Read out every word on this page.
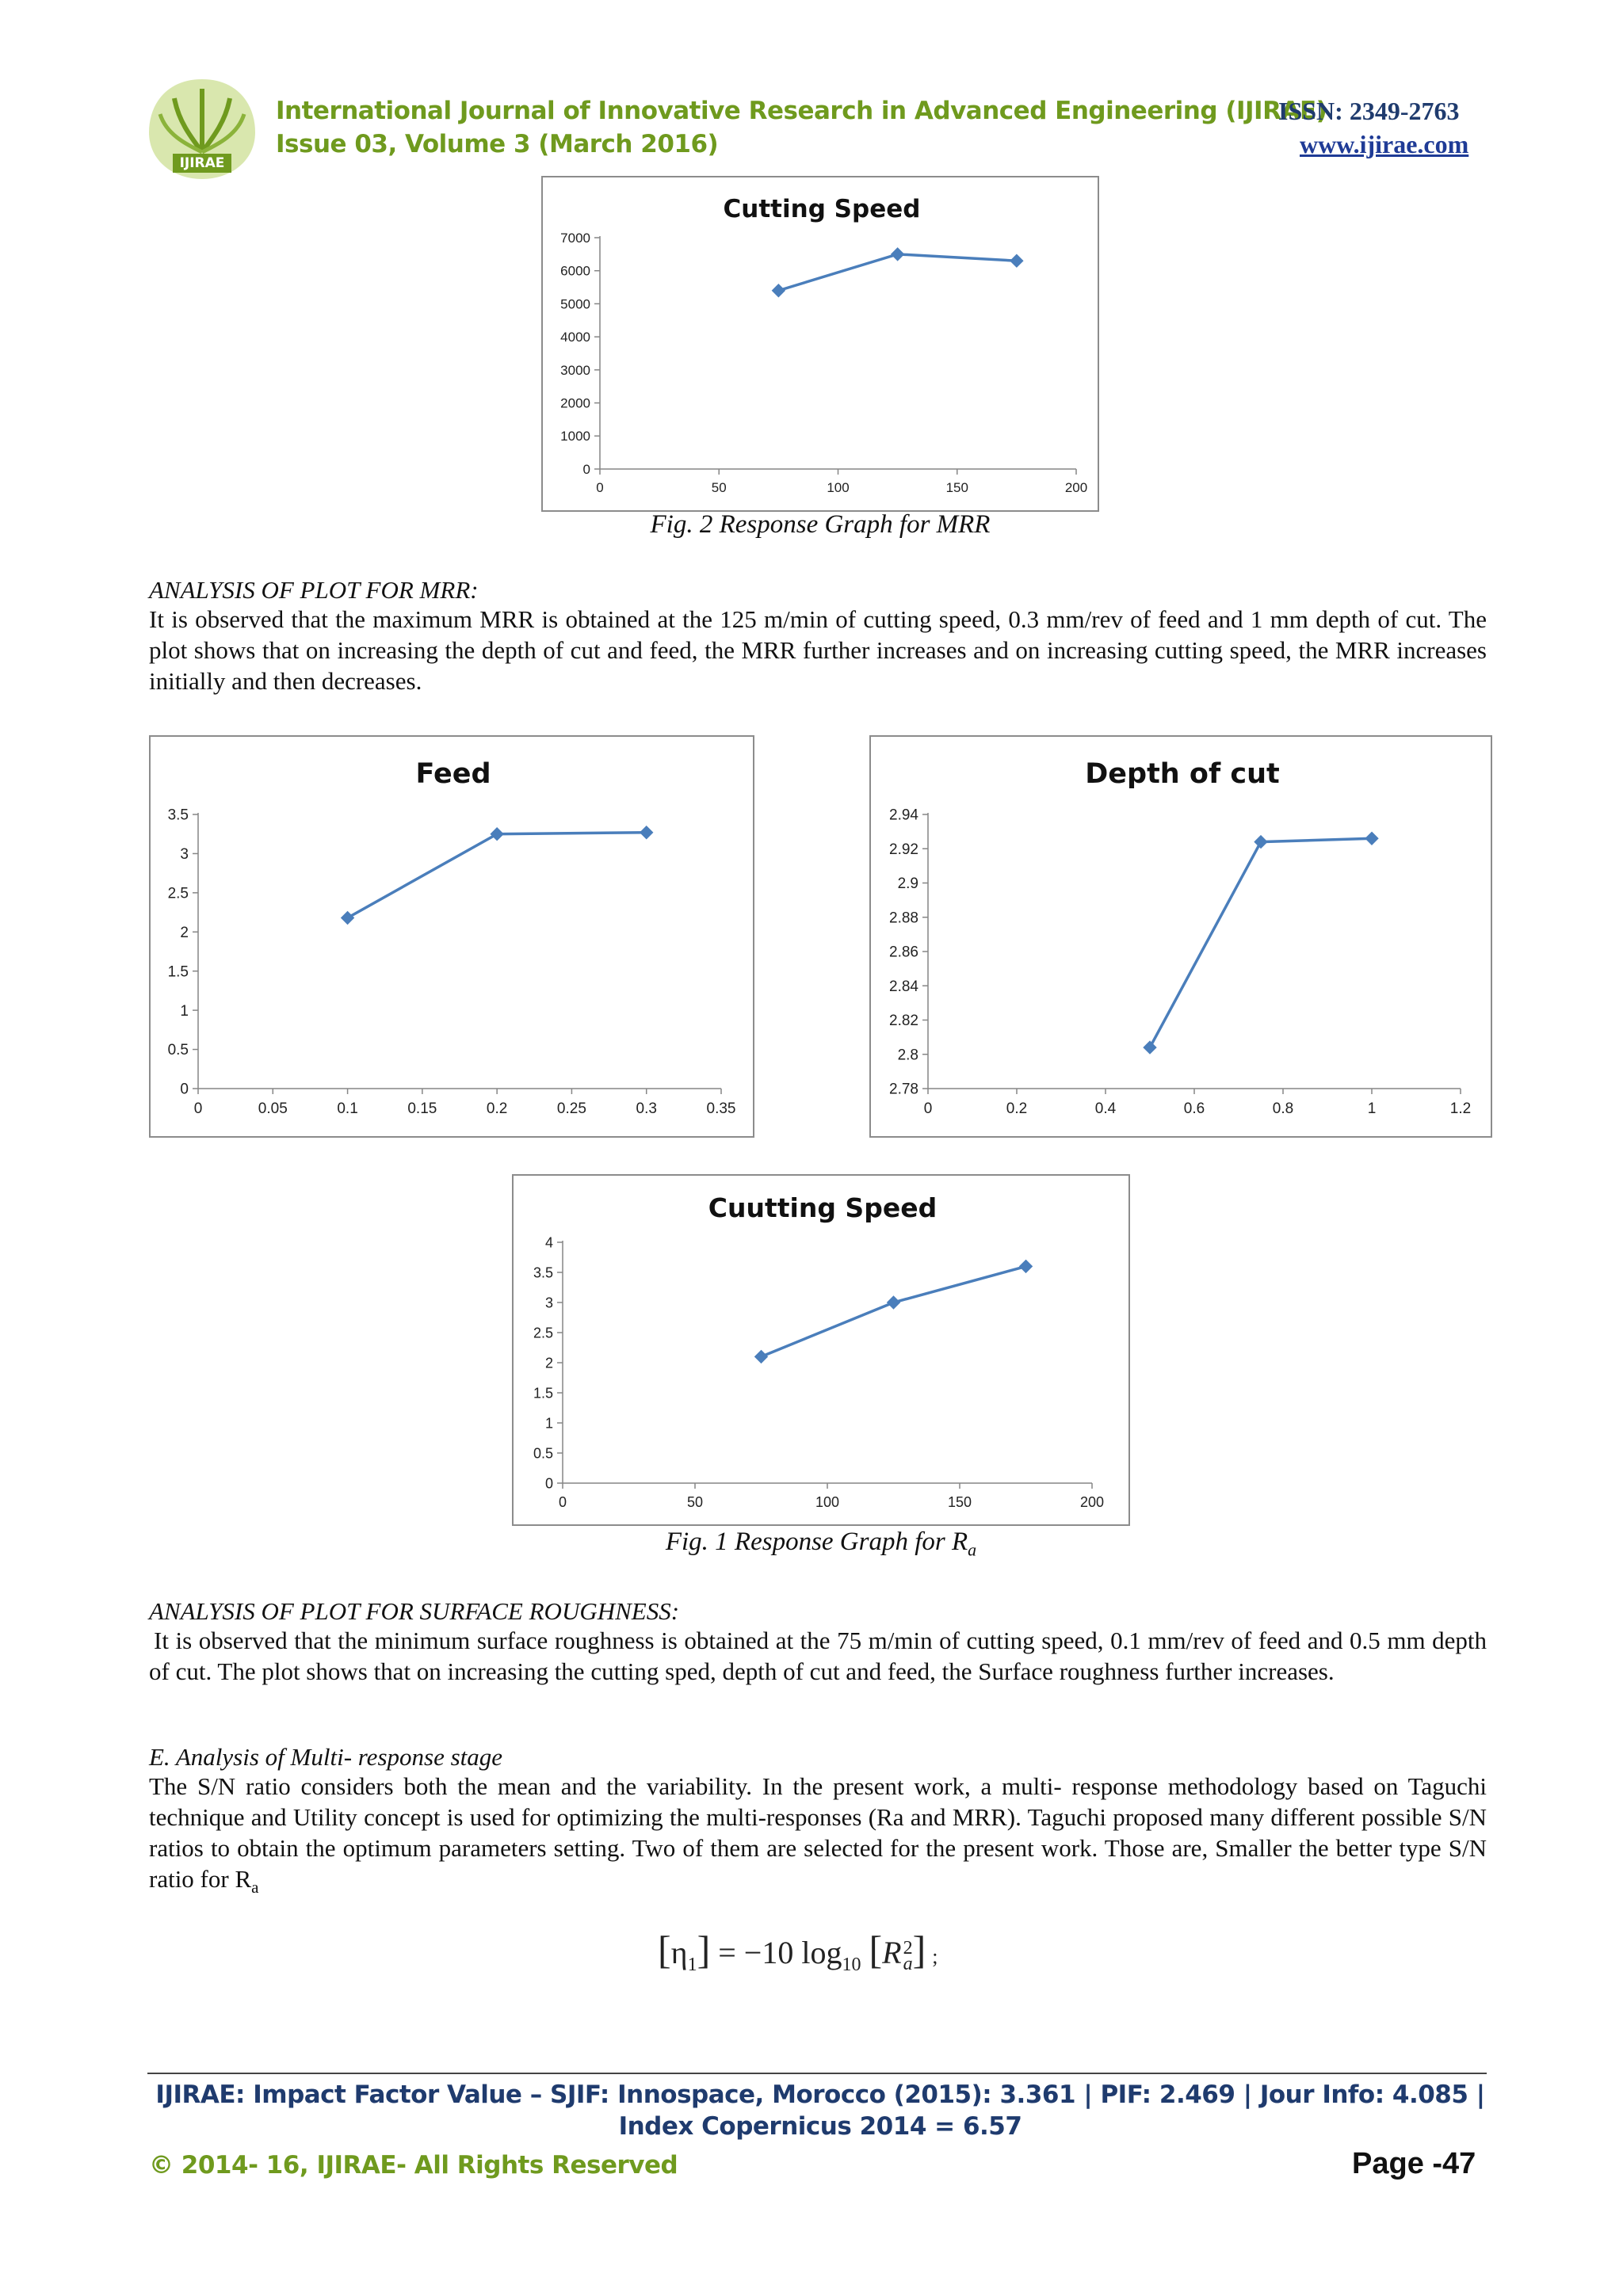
IJIRAE
International Journal of Innovative Research in Advanced Engineering (IJIRAE)
ISSN: 2349-2763
Issue 03, Volume 3 (March 2016)	www.ijirae.com
Cutting Speed
0
1000
2000
3000
4000
5000
6000
7000
0	50	100	150	200
Fig. 2 Response Graph for MRR
ANALYSIS OF PLOT FOR MRR:
It is observed that the maximum MRR is obtained at the 125 m/min of cutting speed, 0.3 mm/rev of feed and 1 mm depth of cut. The plot shows that on increasing the depth of cut and feed, the MRR further increases and on increasing cutting speed, the MRR increases initially and then decreases.
Feed
0
0.5
1
1.5
2
2.5
3
3.5
0	0.05	0.1	0.15	0.2	0.25	0.3	0.35
Depth of cut
2.78
2.8
2.82
2.84
2.86
2.88
2.9
2.92
2.94
0	0.2	0.4	0.6	0.8	1	1.2
Cuutting Speed
0
0.5
1
1.5
2
2.5
3
3.5
4
0	50	100	150	200
Fig. 1 Response Graph for $R_a$
ANALYSIS OF PLOT FOR SURFACE ROUGHNESS:
It is observed that the minimum surface roughness is obtained at the 75 m/min of cutting speed, 0.1 mm/rev of feed and 0.5 mm depth of cut. The plot shows that on increasing the cutting sped, depth of cut and feed, the Surface roughness further increases.
E. Analysis of Multi- response stage
The S/N ratio considers both the mean and the variability. In the present work, a multi- response methodology based on Taguchi technique and Utility concept is used for optimizing the multi-responses (Ra and MRR). Taguchi proposed many different possible S/N ratios to obtain the optimum parameters setting. Two of them are selected for the present work. Those are, Smaller the better type S/N ratio for $R_a$
$[\eta_1] = -10$ $\log_{10} [R$ 2
a ] ;
IJIRAE: Impact Factor Value – SJIF: Innospace, Morocco (2015): 3.361 | PIF: 2.469 | Jour Info: 4.085 |
Index Copernicus 2014 = 6.57
© 2014- 16, IJIRAE- All Rights Reserved	Page -47
